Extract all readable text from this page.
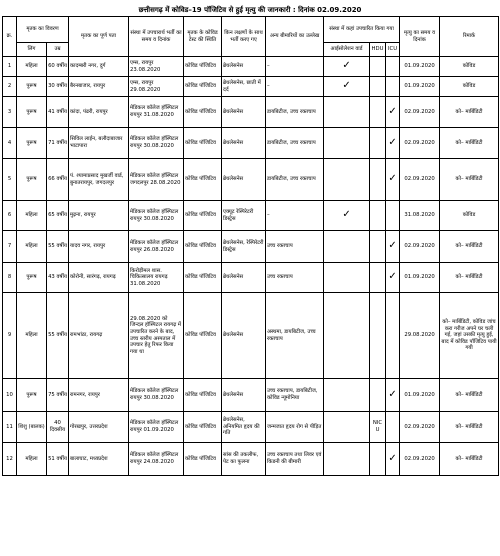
छत्तीसगढ़ में कोविड–19 पॉजिटिव से हुई मृत्यु की जानकारी : दिनांक 02.09.2020
क्र.	मृतक का विवरण		मृतक का पूर्ण पता	संस्था में उपचारार्थ भर्ती का समय व दिनांक	मृतक के कोविड टेस्ट की स्थिति	किन लक्षणों के साथ भर्ती करए गए	अन्य बीमारियों का उल्लेख	संस्था में कहां उपचारित किया गया			मृत्यु का समय व दिनांक	रिमार्क
	लिंग	उम्र						आईसोलेशन वार्ड	HDU	ICU		
1	महिला	60 वर्षीय	कादम्बरी नगर, दुर्ग	एम्स, रायपुर 23.08.2020	कोविड पॉजिटिव	ब्रेथलेसनेस	–	✓			01.09.2020	कोविड
2	पुरूष	30 वर्षीय	बैरनबाजार, रायपुर	एम्स, रायपुर 29.08.2020	कोविड पॉजिटिव	ब्रेथलेसनेस, छाती में दर्द	–	✓			01.09.2020	कोविड
3	पुरूष	41 वर्षीय	कांदा, पंढरी, रायपुर	मेडिकल कॉलेज हॉस्पिटल रायपुर 31.08.2020	कोविड पॉजिटिव	ब्रेथलेसनेस	डायबिटीज, उच्च रक्तचाप			✓	02.09.2020	को– मार्बिडिटी
4	पुरूष	71 वर्षीय	सिविल लाईन, बलौदाबाजार भाटापारा	मेडिकल कॉलेज हॉस्पिटल रायपुर 30.08.2020	कोविड पॉजिटिव	ब्रेथलेसनेस	डायबिटीज, उच्च रक्तचाप			✓	02.09.2020	को– मार्बिडिटी
5	पुरूष	66 वर्षीय	पं. श्यामाप्रसाद मुखर्जी वार्ड, बुनातरायपुर, जगदलपुर	मेडिकल कॉलेज हॉस्पिटल जगदलपुर 28.08.2020	कोविड पॉजिटिव	ब्रेथलेसनेस	डायबिटीज, उच्च रक्तचाप			✓	02.09.2020	को– मार्बिडिटी
6	महिला	65 वर्षीय	मुढ़ना, रायपुर	मेडिकल कॉलेज हॉस्पिटल रायपुर 30.08.2020	कोविड पॉजिटिव	एक्यूट रेस्पिरेटरी डिस्ट्रेस	–	✓			31.08.2020	कोविड
7	महिला	55 वर्षीय	यादव नगर, रायपुर	मेडिकल कॉलेज हॉस्पिटल रायपुर 26.08.2020	कोविड पॉजिटिव	ब्रेथलेसनेस, रेस्पिरेटरी डिस्ट्रेस	उच्च रक्तचाप			✓	02.09.2020	को– मार्बिडिटी
8	पुरूष	43 वर्षीय	कोरोनी, सारंगढ़, रायगढ़	किरोड़ीमल शास. चिकित्सालय रायगढ़ 31.08.2020	कोविड पॉजिटिव	ब्रेथलेसनेस	उच्च रक्तचाप			✓	01.09.2020	को– मार्बिडिटी
9	महिला	55 वर्षीय	रामभांठा, रायगढ़	29.08.2020 को जिन्दल हॉस्पिटल रायगढ़ में उपचारित करने के बाद, उच्च स्तरीय अस्पताल में उपचार हेतु रिफर किया गया था	कोविड पॉजिटिव	ब्रेथलेसनेस	अस्थमा, डायबिटीज, उच्च रक्तचाप				29.08.2020	को– मार्बिडिटी, कोविड जांच करा गरीज अपने घर चली गई, जहां उसकी मृत्यु हुई, बाद में कोविड पॉजिटिव पायी गयी
10	पुरूष	75 वर्षीय	रामनगर, रायपुर	मेडिकल कॉलेज हॉस्पिटल रायपुर 30.08.2020	कोविड पॉजिटिव	ब्रेथलेसनेस	उच्च रक्तचाप, डायबिटीज, कोविड न्यूमोनिया			✓	01.09.2020	को– मार्बिडिटी
11	शिशु (बालक)	40 दिवसीय	गोरखपुर, उत्तरप्रदेश	मेडिकल कॉलेज हॉस्पिटल रायपुर 01.09.2020	कोविड पॉजिटिव	ब्रेथलेसनेस, अनियमित हृदय की गति	जन्मजात हृदय रोग से पीड़ित		NICU		02.09.2020	को– मार्बिडिटी
12	महिला	51 वर्षीय	बालाघाट, मध्यप्रदेश	मेडिकल कॉलेज हॉस्पिटल रायपुर 24.08.2020	कोविड पॉजिटिव	सांस की तकलीफ, पेट का फूलना	उच्च रक्तचाप तथा लिवर एवं किडनी की बीमारी			✓	02.09.2020	को– मार्बिडिटी
